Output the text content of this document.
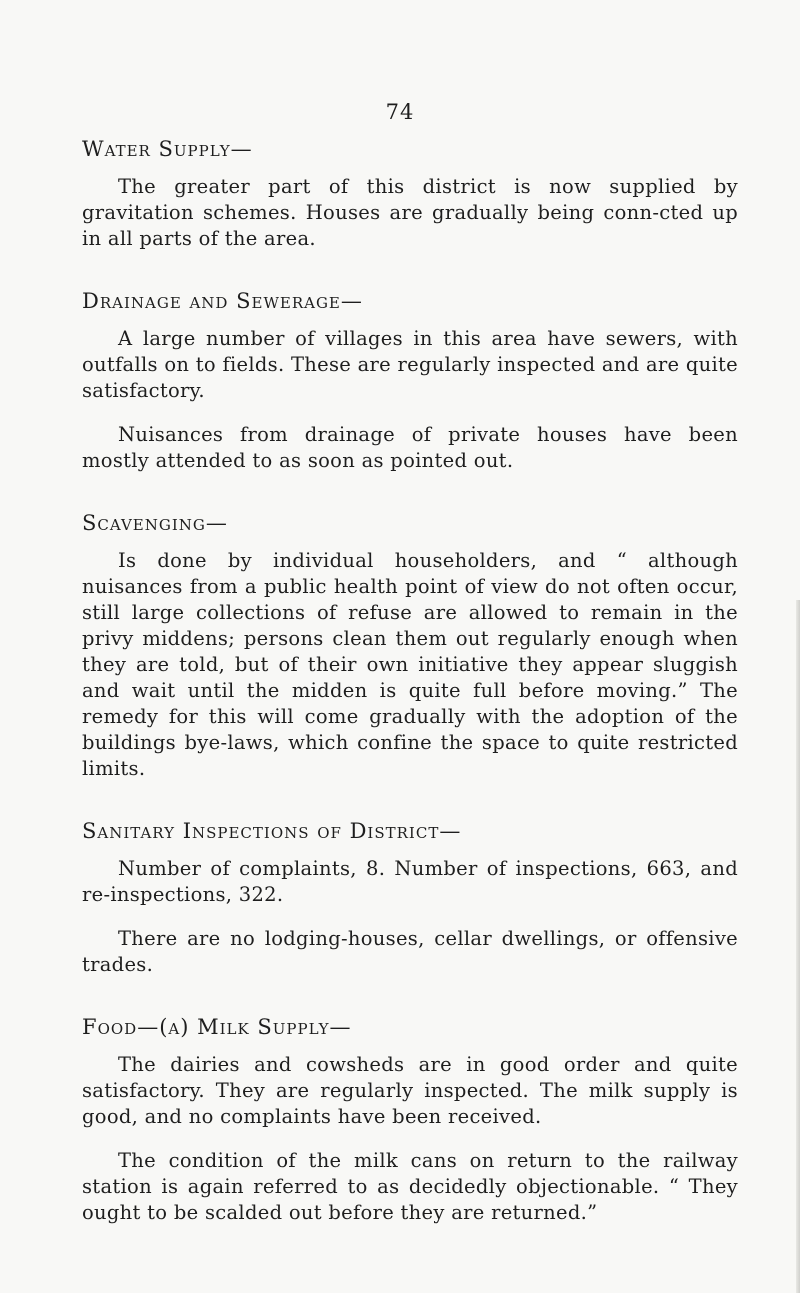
74
Water Supply—

The greater part of this district is now supplied by gravitation schemes. Houses are gradually being conn-cted up in all parts of the area.

Drainage and Sewerage—

A large number of villages in this area have sewers, with outfalls on to fields. These are regularly inspected and are quite satisfactory.

Nuisances from drainage of private houses have been mostly attended to as soon as pointed out.

Scavenging—

Is done by individual householders, and “ although nuisances from a public health point of view do not often occur, still large collections of refuse are allowed to remain in the privy middens; persons clean them out regularly enough when they are told, but of their own initiative they appear sluggish and wait until the midden is quite full before moving.” The remedy for this will come gradually with the adoption of the buildings bye-laws, which confine the space to quite restricted limits.

Sanitary Inspections of District—

Number of complaints, 8. Number of inspections, 663, and re-inspections, 322.

There are no lodging-houses, cellar dwellings, or offensive trades.

Food—(a) Milk Supply—

The dairies and cowsheds are in good order and quite satisfactory. They are regularly inspected. The milk supply is good, and no complaints have been received.

The condition of the milk cans on return to the railway station is again referred to as decidedly objectionable. “ They ought to be scalded out before they are returned.”
